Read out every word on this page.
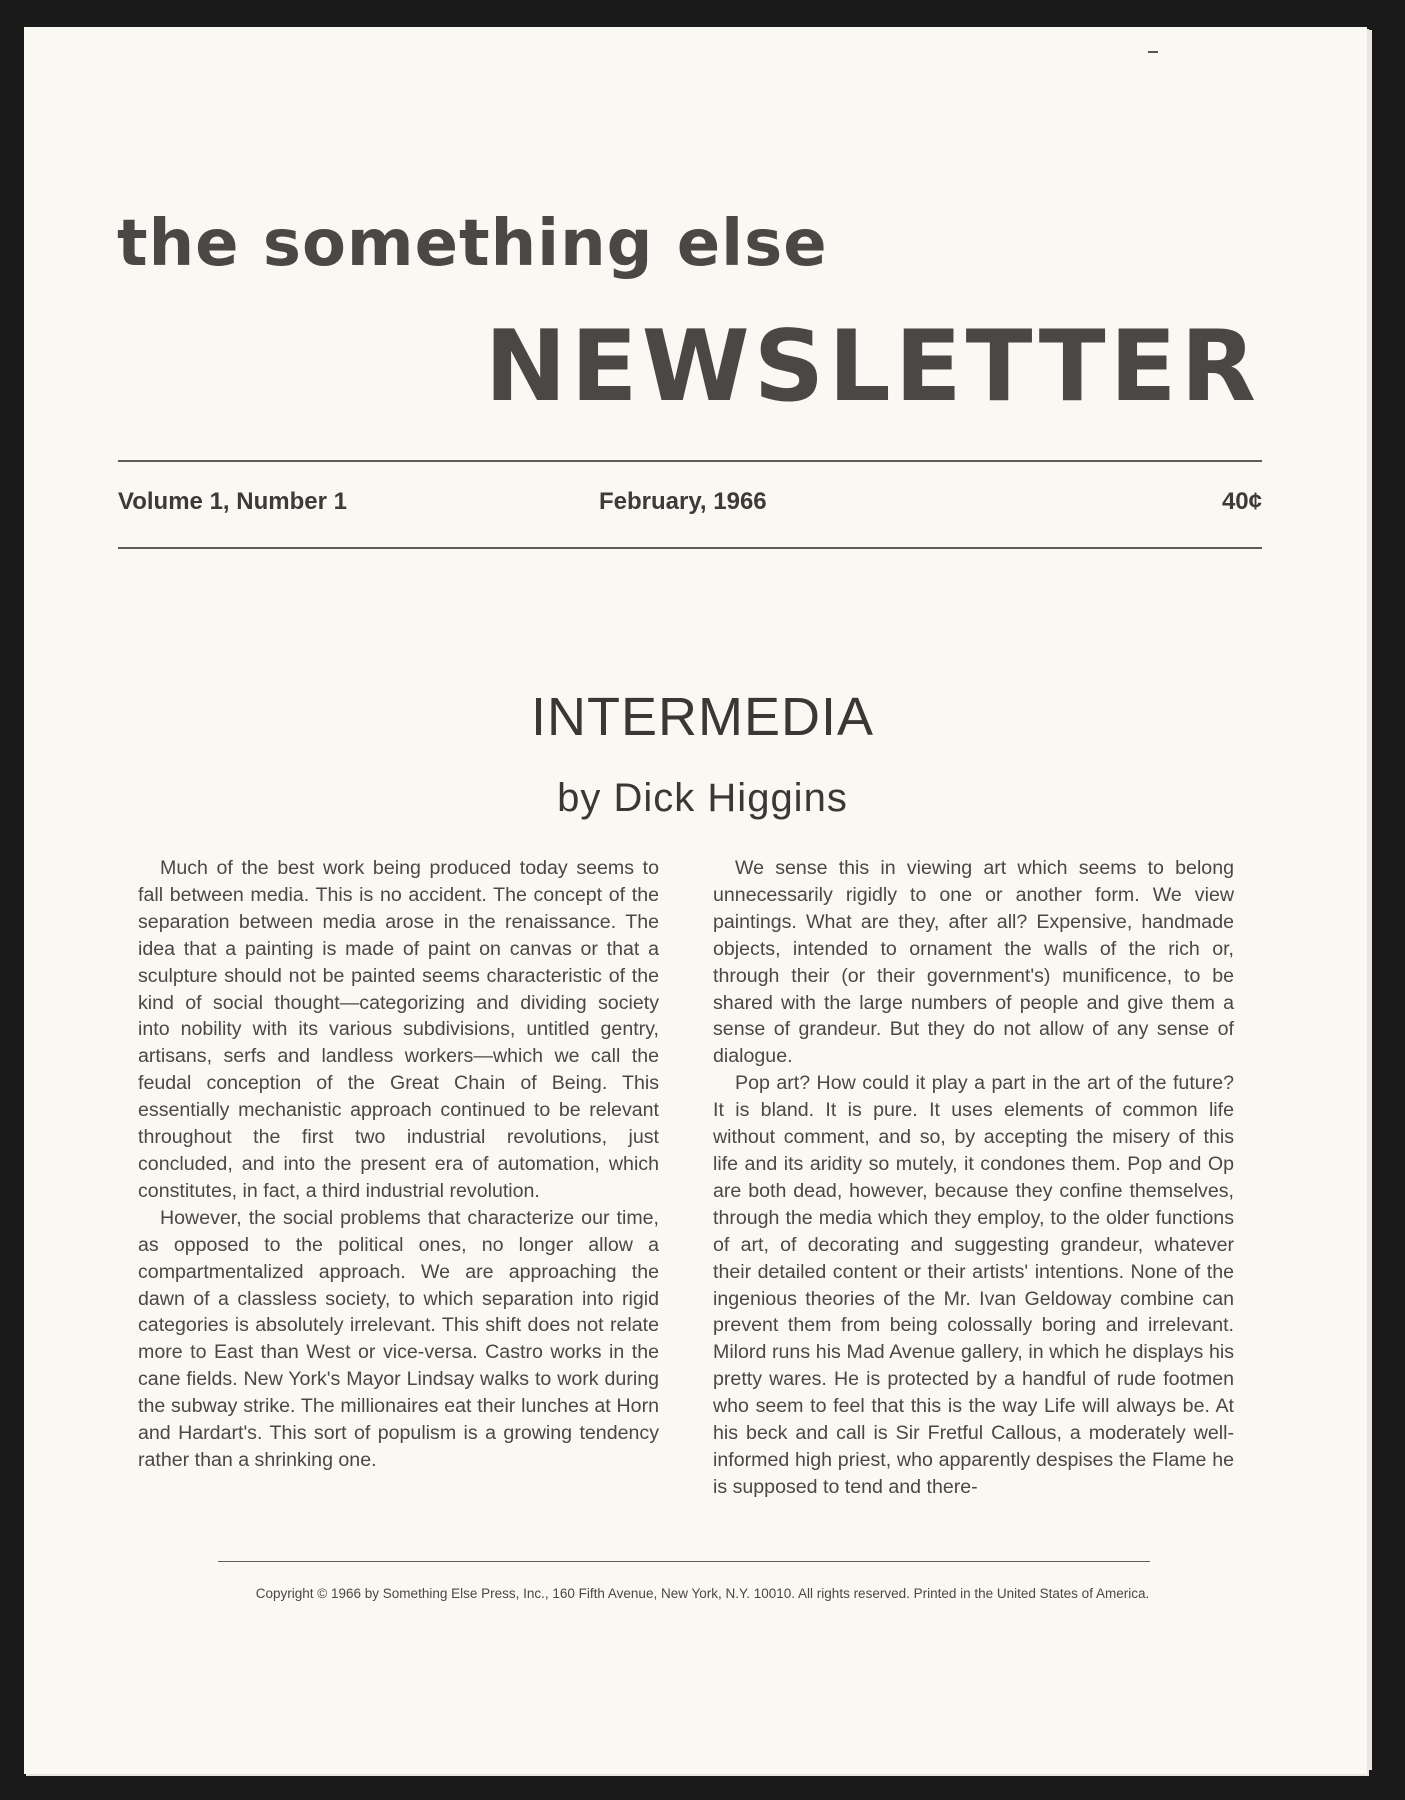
the something else
NEWSLETTER
Volume 1, Number 1	February, 1966	40¢
INTERMEDIA
by Dick Higgins

Much of the best work being produced today seems to fall between media. This is no accident. The concept of the separation between media arose in the renaissance. The idea that a painting is made of paint on canvas or that a sculpture should not be painted seems characteristic of the kind of social thought—categorizing and dividing society into nobility with its various subdivisions, untitled gentry, artisans, serfs and landless workers—which we call the feudal conception of the Great Chain of Being. This essentially mechanistic approach continued to be relevant throughout the first two industrial revolutions, just concluded, and into the present era of automation, which constitutes, in fact, a third industrial revolution.

However, the social problems that characterize our time, as opposed to the political ones, no longer allow a compartmentalized approach. We are approaching the dawn of a classless society, to which separation into rigid categories is absolutely irrelevant. This shift does not relate more to East than West or vice-versa. Castro works in the cane fields. New York's Mayor Lindsay walks to work during the subway strike. The millionaires eat their lunches at Horn and Hardart's. This sort of populism is a growing tendency rather than a shrinking one.

We sense this in viewing art which seems to belong unnecessarily rigidly to one or another form. We view paintings. What are they, after all? Expensive, handmade objects, intended to ornament the walls of the rich or, through their (or their government's) munificence, to be shared with the large numbers of people and give them a sense of grandeur. But they do not allow of any sense of dialogue.

Pop art? How could it play a part in the art of the future? It is bland. It is pure. It uses elements of common life without comment, and so, by accepting the misery of this life and its aridity so mutely, it condones them. Pop and Op are both dead, however, because they confine themselves, through the media which they employ, to the older functions of art, of decorating and suggesting grandeur, whatever their detailed content or their artists' intentions. None of the ingenious theories of the Mr. Ivan Geldoway combine can prevent them from being colossally boring and irrelevant. Milord runs his Mad Avenue gallery, in which he displays his pretty wares. He is protected by a handful of rude footmen who seem to feel that this is the way Life will always be. At his beck and call is Sir Fretful Callous, a moderately well-informed high priest, who apparently despises the Flame he is supposed to tend and there-

Copyright © 1966 by Something Else Press, Inc., 160 Fifth Avenue, New York, N.Y. 10010. All rights reserved. Printed in the United States of America.
